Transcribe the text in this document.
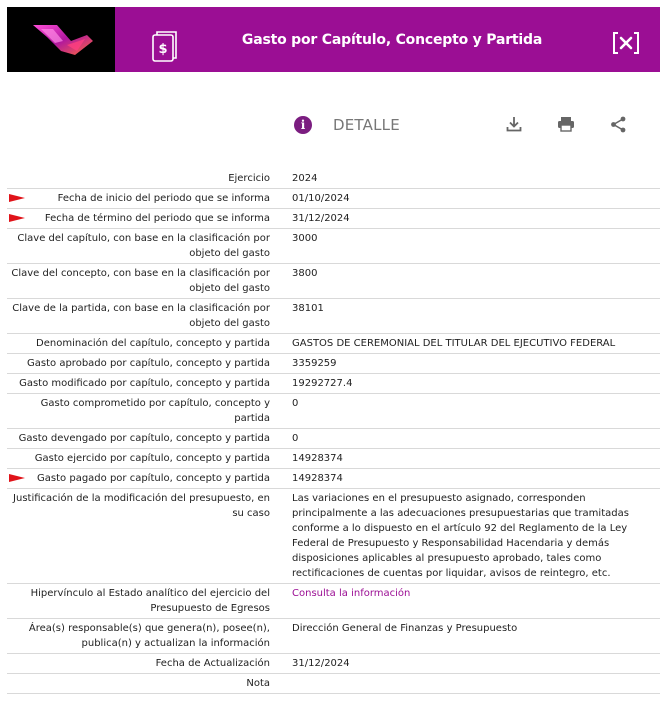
$
Gasto por Capítulo, Concepto y Partida
i	DETALLE
Ejercicio 2024
Fecha de inicio del periodo que se informa 01/10/2024
Fecha de término del periodo que se informa 31/12/2024
Clave del capítulo, con base en la clasificación por objeto del gasto
3000
Clave del concepto, con base en la clasificación por objeto del gasto
3800
Clave de la partida, con base en la clasificación por objeto del gasto
38101
Denominación del capítulo, concepto y partida GASTOS DE CEREMONIAL DEL TITULAR DEL EJECUTIVO FEDERAL
Gasto aprobado por capítulo, concepto y partida 3359259
Gasto modificado por capítulo, concepto y partida 19292727.4
Gasto comprometido por capítulo, concepto y partida
0
Gasto devengado por capítulo, concepto y partida 0
Gasto ejercido por capítulo, concepto y partida 14928374
Gasto pagado por capítulo, concepto y partida 14928374
Justificación de la modificación del presupuesto, en su caso
Las variaciones en el presupuesto asignado, corresponden principalmente a las adecuaciones presupuestarias que tramitadas conforme a lo dispuesto en el artículo 92 del Reglamento de la Ley Federal de Presupuesto y Responsabilidad Hacendaria y demás disposiciones aplicables al presupuesto aprobado, tales como rectificaciones de cuentas por liquidar, avisos de reintegro, etc.
Hipervínculo al Estado analítico del ejercicio del Presupuesto de Egresos
Consulta la información
Área(s) responsable(s) que genera(n), posee(n), publica(n) y actualizan la información
Dirección General de Finanzas y Presupuesto
Fecha de Actualización 31/12/2024
Nota
